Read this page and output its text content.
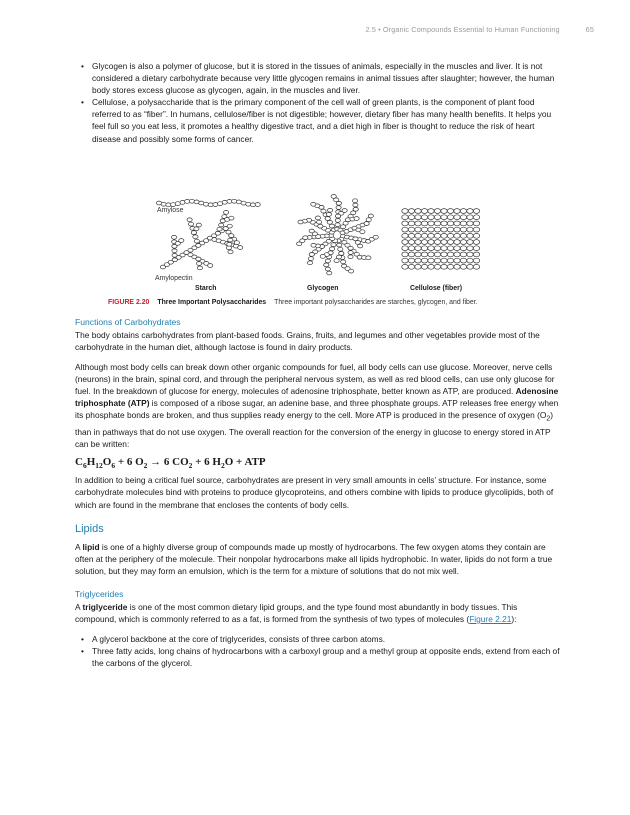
2.5 • Organic Compounds Essential to Human Functioning	65
• Glycogen is also a polymer of glucose, but it is stored in the tissues of animals, especially in the muscles and liver. It is not considered a dietary carbohydrate because very little glycogen remains in animal tissues after slaughter; however, the human body stores excess glucose as glycogen, again, in the muscles and liver.
• Cellulose, a polysaccharide that is the primary component of the cell wall of green plants, is the component of plant food referred to as “fiber”. In humans, cellulose/fiber is not digestible; however, dietary fiber has many health benefits. It helps you feel full so you eat less, it promotes a healthy digestive tract, and a diet high in fiber is thought to reduce the risk of heart disease and possibly some forms of cancer.
Amylose
Amylopectin
Starch	Glycogen	Cellulose (fiber)
FIGURE 2.20 Three Important Polysaccharides Three important polysaccharides are starches, glycogen, and fiber.
Functions of Carbohydrates

The body obtains carbohydrates from plant-based foods. Grains, fruits, and legumes and other vegetables provide most of the carbohydrate in the human diet, although lactose is found in dairy products.

Although most body cells can break down other organic compounds for fuel, all body cells can use glucose. Moreover, nerve cells (neurons) in the brain, spinal cord, and through the peripheral nervous system, as well as red blood cells, can use only glucose for fuel. In the breakdown of glucose for energy, molecules of adenosine triphosphate, better known as ATP, are produced. Adenosine triphosphate (ATP) is composed of a ribose sugar, an adenine base, and three phosphate groups. ATP releases free energy when its phosphate bonds are broken, and thus supplies ready energy to the cell. More ATP is produced in the presence of oxygen $(O_2)$ than in pathways that do not use oxygen. The overall reaction for the conversion of the energy in glucose to energy stored in ATP can be written:

$C_6H_{12}O_6 + 6$ $O_2 \to 6$ $CO_2 + 6$ $H_2O$ + ATP

In addition to being a critical fuel source, carbohydrates are present in very small amounts in cells’ structure. For instance, some carbohydrate molecules bind with proteins to produce glycoproteins, and others combine with lipids to produce glycolipids, both of which are found in the membrane that encloses the contents of body cells.

Lipids

A lipid is one of a highly diverse group of compounds made up mostly of hydrocarbons. The few oxygen atoms they contain are often at the periphery of the molecule. Their nonpolar hydrocarbons make all lipids hydrophobic. In water, lipids do not form a true solution, but they may form an emulsion, which is the term for a mixture of solutions that do not mix well.

Triglycerides

A triglyceride is one of the most common dietary lipid groups, and the type found most abundantly in body tissues. This compound, which is commonly referred to as a fat, is formed from the synthesis of two types of molecules (Figure 2.21):

• A glycerol backbone at the core of triglycerides, consists of three carbon atoms.
• Three fatty acids, long chains of hydrocarbons with a carboxyl group and a methyl group at opposite ends, extend from each of the carbons of the glycerol.
